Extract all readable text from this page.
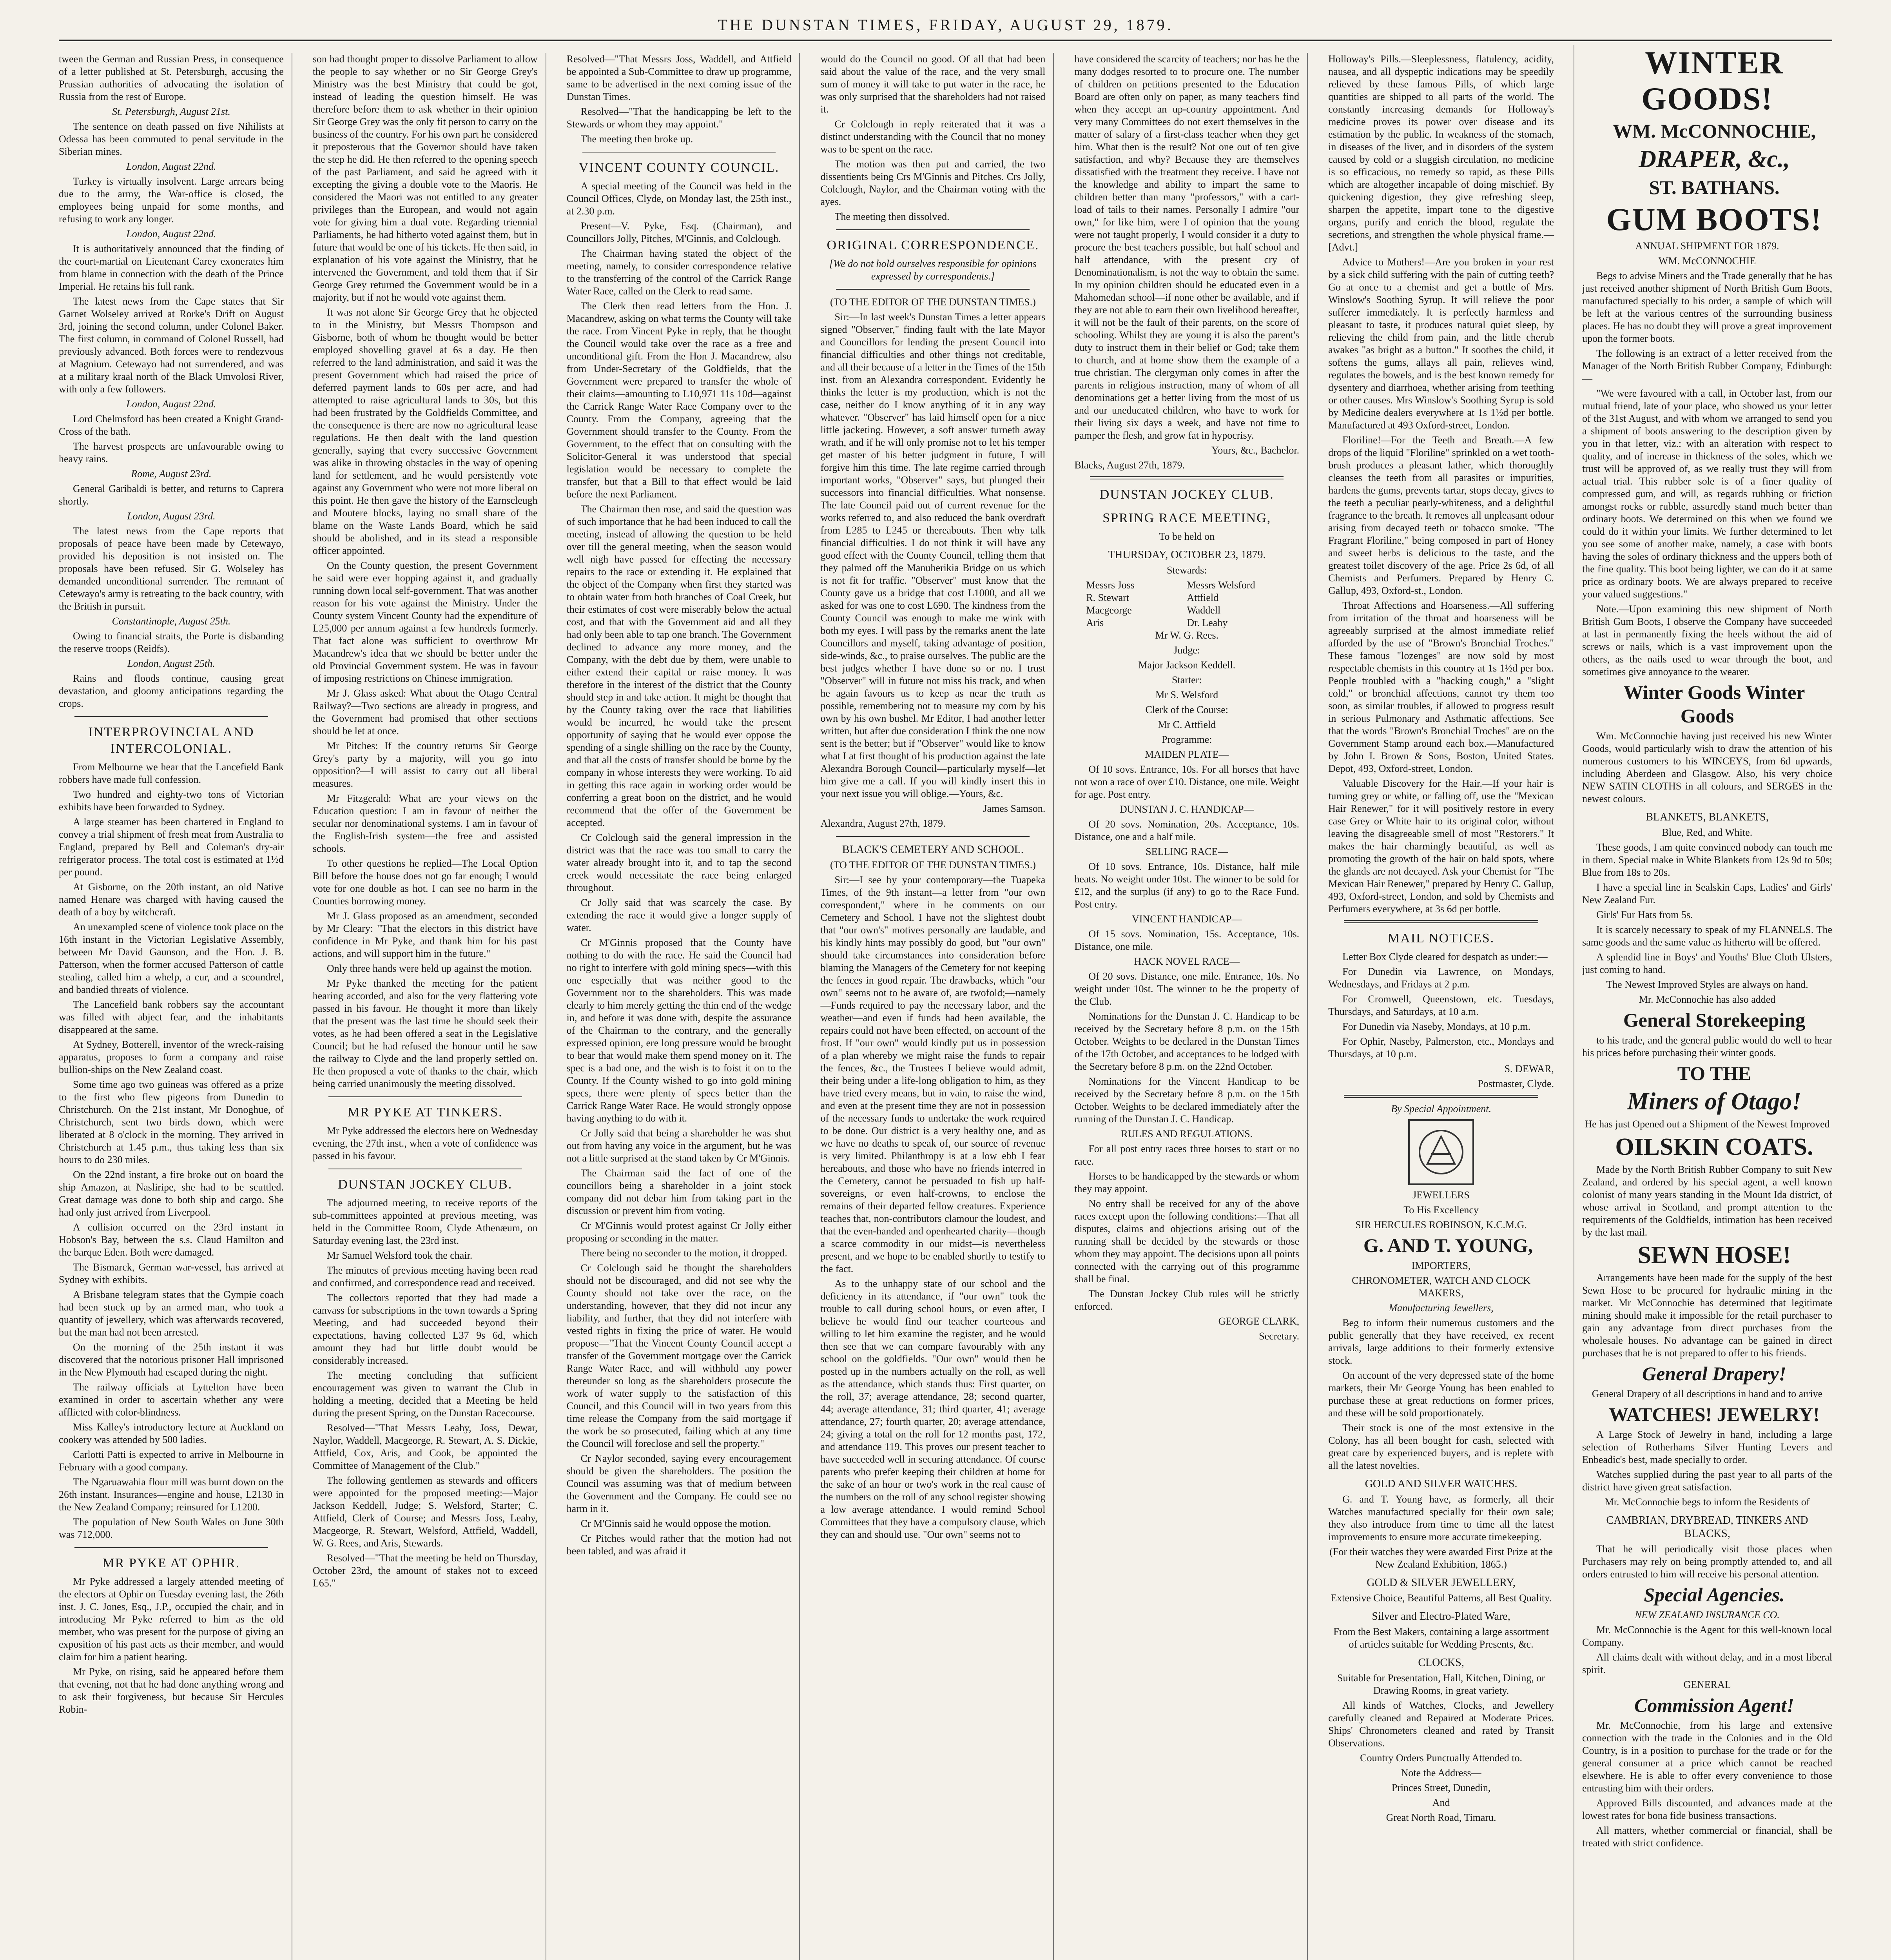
THE DUNSTAN TIMES, FRIDAY, AUGUST 29, 1879.

tween the German and Russian Press, in consequence of a letter published at St. Petersburgh, accusing the Prussian authorities of advocating the isolation of Russia from the rest of Europe.

St. Petersburgh, August 21st.

The sentence on death passed on five Nihilists at Odessa has been commuted to penal servitude in the Siberian mines.

London, August 22nd.

Turkey is virtually insolvent. Large arrears being due to the army, the War-office is closed, the employees being unpaid for some months, and refusing to work any longer.

London, August 22nd.

It is authoritatively announced that the finding of the court-martial on Lieutenant Carey exonerates him from blame in connection with the death of the Prince Imperial. He retains his full rank.

The latest news from the Cape states that Sir Garnet Wolseley arrived at Rorke's Drift on August 3rd, joining the second column, under Colonel Baker. The first column, in command of Colonel Russell, had previously advanced. Both forces were to rendezvous at Magnium. Cetewayo had not surrendered, and was at a military kraal north of the Black Umvolosi River, with only a few followers.

London, August 22nd.

Lord Chelmsford has been created a Knight Grand-Cross of the bath.

The harvest prospects are unfavourable owing to heavy rains.

Rome, August 23rd.

General Garibaldi is better, and returns to Caprera shortly.

London, August 23rd.

The latest news from the Cape reports that proposals of peace have been made by Cetewayo, provided his deposition is not insisted on. The proposals have been refused. Sir G. Wolseley has demanded unconditional surrender. The remnant of Cetewayo's army is retreating to the back country, with the British in pursuit.

Constantinople, August 25th.

Owing to financial straits, the Porte is disbanding the reserve troops (Reidfs).

London, August 25th.

Rains and floods continue, causing great devastation, and gloomy anticipations regarding the crops.

INTERPROVINCIAL AND INTERCOLONIAL.

From Melbourne we hear that the Lancefield Bank robbers have made full confession.

Two hundred and eighty-two tons of Victorian exhibits have been forwarded to Sydney.

A large steamer has been chartered in England to convey a trial shipment of fresh meat from Australia to England, prepared by Bell and Coleman's dry-air refrigerator process. The total cost is estimated at 1½d per pound.

At Gisborne, on the 20th instant, an old Native named Henare was charged with having caused the death of a boy by witchcraft.

An unexampled scene of violence took place on the 16th instant in the Victorian Legislative Assembly, between Mr David Gaunson, and the Hon. J. B. Patterson, when the former accused Patterson of cattle stealing, called him a whelp, a cur, and a scoundrel, and bandied threats of violence.

The Lancefield bank robbers say the accountant was filled with abject fear, and the inhabitants disappeared at the same.

At Sydney, Botterell, inventor of the wreck-raising apparatus, proposes to form a company and raise bullion-ships on the New Zealand coast.

Some time ago two guineas was offered as a prize to the first who flew pigeons from Dunedin to Christchurch. On the 21st instant, Mr Donoghue, of Christchurch, sent two birds down, which were liberated at 8 o'clock in the morning. They arrived in Christchurch at 1.45 p.m., thus taking less than six hours to do 230 miles.

On the 22nd instant, a fire broke out on board the ship Amazon, at Nasliripe, she had to be scuttled. Great damage was done to both ship and cargo. She had only just arrived from Liverpool.

A collision occurred on the 23rd instant in Hobson's Bay, between the s.s. Claud Hamilton and the barque Eden. Both were damaged.

The Bismarck, German war-vessel, has arrived at Sydney with exhibits.

A Brisbane telegram states that the Gympie coach had been stuck up by an armed man, who took a quantity of jewellery, which was afterwards recovered, but the man had not been arrested.

On the morning of the 25th instant it was discovered that the notorious prisoner Hall imprisoned in the New Plymouth had escaped during the night.

The railway officials at Lyttelton have been examined in order to ascertain whether any were afflicted with color-blindness.

Miss Kalley's introductory lecture at Auckland on cookery was attended by 500 ladies.

Carlotti Patti is expected to arrive in Melbourne in February with a good company.

The Ngaruawahia flour mill was burnt down on the 26th instant. Insurances—engine and house, L2130 in the New Zealand Company; reinsured for L1200.

The population of New South Wales on June 30th was 712,000.

MR PYKE AT OPHIR.

Mr Pyke addressed a largely attended meeting of the electors at Ophir on Tuesday evening last, the 26th inst. J. C. Jones, Esq., J.P., occupied the chair, and in introducing Mr Pyke referred to him as the old member, who was present for the purpose of giving an exposition of his past acts as their member, and would claim for him a patient hearing.

Mr Pyke, on rising, said he appeared before them that evening, not that he had done anything wrong and to ask their forgiveness, but because Sir Hercules Robin-

son had thought proper to dissolve Parliament to allow the people to say whether or no Sir George Grey's Ministry was the best Ministry that could be got, instead of leading the question himself. He was therefore before them to ask whether in their opinion Sir George Grey was the only fit person to carry on the business of the country. For his own part he considered it preposterous that the Governor should have taken the step he did. He then referred to the opening speech of the past Parliament, and said he agreed with it excepting the giving a double vote to the Maoris. He considered the Maori was not entitled to any greater privileges than the European, and would not again vote for giving him a dual vote. Regarding triennial Parliaments, he had hitherto voted against them, but in future that would be one of his tickets. He then said, in explanation of his vote against the Ministry, that he intervened the Government, and told them that if Sir George Grey returned the Government would be in a majority, but if not he would vote against them.

It was not alone Sir George Grey that he objected to in the Ministry, but Messrs Thompson and Gisborne, both of whom he thought would be better employed shovelling gravel at 6s a day. He then referred to the land administration, and said it was the present Government which had raised the price of deferred payment lands to 60s per acre, and had attempted to raise agricultural lands to 30s, but this had been frustrated by the Goldfields Committee, and the consequence is there are now no agricultural lease regulations. He then dealt with the land question generally, saying that every successive Government was alike in throwing obstacles in the way of opening land for settlement, and he would persistently vote against any Government who were not more liberal on this point. He then gave the history of the Earnscleugh and Moutere blocks, laying no small share of the blame on the Waste Lands Board, which he said should be abolished, and in its stead a responsible officer appointed.

On the County question, the present Government he said were ever hopping against it, and gradually running down local self-government. That was another reason for his vote against the Ministry. Under the County system Vincent County had the expenditure of L25,000 per annum against a few hundreds formerly. That fact alone was sufficient to overthrow Mr Macandrew's idea that we should be better under the old Provincial Government system. He was in favour of imposing restrictions on Chinese immigration.

Mr J. Glass asked: What about the Otago Central Railway?—Two sections are already in progress, and the Government had promised that other sections should be let at once.

Mr Pitches: If the country returns Sir George Grey's party by a majority, will you go into opposition?—I will assist to carry out all liberal measures.

Mr Fitzgerald: What are your views on the Education question: I am in favour of neither the secular nor denominational systems. I am in favour of the English-Irish system—the free and assisted schools.

To other questions he replied—The Local Option Bill before the house does not go far enough; I would vote for one double as hot. I can see no harm in the Counties borrowing money.

Mr J. Glass proposed as an amendment, seconded by Mr Cleary: "That the electors in this district have confidence in Mr Pyke, and thank him for his past actions, and will support him in the future."

Only three hands were held up against the motion.

Mr Pyke thanked the meeting for the patient hearing accorded, and also for the very flattering vote passed in his favour. He thought it more than likely that the present was the last time he should seek their votes, as he had been offered a seat in the Legislative Council; but he had refused the honour until he saw the railway to Clyde and the land properly settled on. He then proposed a vote of thanks to the chair, which being carried unanimously the meeting dissolved.

MR PYKE AT TINKERS.

Mr Pyke addressed the electors here on Wednesday evening, the 27th inst., when a vote of confidence was passed in his favour.

DUNSTAN JOCKEY CLUB.

The adjourned meeting, to receive reports of the sub-committees appointed at previous meeting, was held in the Committee Room, Clyde Athenæum, on Saturday evening last, the 23rd inst.

Mr Samuel Welsford took the chair.

The minutes of previous meeting having been read and confirmed, and correspondence read and received.

The collectors reported that they had made a canvass for subscriptions in the town towards a Spring Meeting, and had succeeded beyond their expectations, having collected L37 9s 6d, which amount they had but little doubt would be considerably increased.

The meeting concluding that sufficient encouragement was given to warrant the Club in holding a meeting, decided that a Meeting be held during the present Spring, on the Dunstan Racecourse.

Resolved—"That Messrs Leahy, Joss, Dewar, Naylor, Waddell, Macgeorge, R. Stewart, A. S. Dickie, Attfield, Cox, Aris, and Cook, be appointed the Committee of Management of the Club."

The following gentlemen as stewards and officers were appointed for the proposed meeting:—Major Jackson Keddell, Judge; S. Welsford, Starter; C. Attfield, Clerk of Course; and Messrs Joss, Leahy, Macgeorge, R. Stewart, Welsford, Attfield, Waddell, W. G. Rees, and Aris, Stewards.

Resolved—"That the meeting be held on Thursday, October 23rd, the amount of stakes not to exceed L65."

Resolved—"That Messrs Joss, Waddell, and Attfield be appointed a Sub-Committee to draw up programme, same to be advertised in the next coming issue of the Dunstan Times.

Resolved—"That the handicapping be left to the Stewards or whom they may appoint."

The meeting then broke up.

VINCENT COUNTY COUNCIL.

A special meeting of the Council was held in the Council Offices, Clyde, on Monday last, the 25th inst., at 2.30 p.m.

Present—V. Pyke, Esq. (Chairman), and Councillors Jolly, Pitches, M'Ginnis, and Colclough.

The Chairman having stated the object of the meeting, namely, to consider correspondence relative to the transferring of the control of the Carrick Range Water Race, called on the Clerk to read same.

The Clerk then read letters from the Hon. J. Macandrew, asking on what terms the County will take the race. From Vincent Pyke in reply, that he thought the Council would take over the race as a free and unconditional gift. From the Hon J. Macandrew, also from Under-Secretary of the Goldfields, that the Government were prepared to transfer the whole of their claims—amounting to L10,971 11s 10d—against the Carrick Range Water Race Company over to the County. From the Company, agreeing that the Government should transfer to the County. From the Government, to the effect that on consulting with the Solicitor-General it was understood that special legislation would be necessary to complete the transfer, but that a Bill to that effect would be laid before the next Parliament.

The Chairman then rose, and said the question was of such importance that he had been induced to call the meeting, instead of allowing the question to be held over till the general meeting, when the season would well nigh have passed for effecting the necessary repairs to the race or extending it. He explained that the object of the Company when first they started was to obtain water from both branches of Coal Creek, but their estimates of cost were miserably below the actual cost, and that with the Government aid and all they had only been able to tap one branch. The Government declined to advance any more money, and the Company, with the debt due by them, were unable to either extend their capital or raise money. It was therefore in the interest of the district that the County should step in and take action. It might be thought that by the County taking over the race that liabilities would be incurred, he would take the present opportunity of saying that he would ever oppose the spending of a single shilling on the race by the County, and that all the costs of transfer should be borne by the company in whose interests they were working. To aid in getting this race again in working order would be conferring a great boon on the district, and he would recommend that the offer of the Government be accepted.

Cr Colclough said the general impression in the district was that the race was too small to carry the water already brought into it, and to tap the second creek would necessitate the race being enlarged throughout.

Cr Jolly said that was scarcely the case. By extending the race it would give a longer supply of water.

Cr M'Ginnis proposed that the County have nothing to do with the race. He said the Council had no right to interfere with gold mining specs—with this one especially that was neither good to the Government nor to the shareholders. This was made clearly to him merely getting the thin end of the wedge in, and before it was done with, despite the assurance of the Chairman to the contrary, and the generally expressed opinion, ere long pressure would be brought to bear that would make them spend money on it. The spec is a bad one, and the wish is to foist it on to the County. If the County wished to go into gold mining specs, there were plenty of specs better than the Carrick Range Water Race. He would strongly oppose having anything to do with it.

Cr Jolly said that being a shareholder he was shut out from having any voice in the argument, but he was not a little surprised at the stand taken by Cr M'Ginnis.

The Chairman said the fact of one of the councillors being a shareholder in a joint stock company did not debar him from taking part in the discussion or prevent him from voting.

Cr M'Ginnis would protest against Cr Jolly either proposing or seconding in the matter.

There being no seconder to the motion, it dropped.

Cr Colclough said he thought the shareholders should not be discouraged, and did not see why the County should not take over the race, on the understanding, however, that they did not incur any liability, and further, that they did not interfere with vested rights in fixing the price of water. He would propose—"That the Vincent County Council accept a transfer of the Government mortgage over the Carrick Range Water Race, and will withhold any power thereunder so long as the shareholders prosecute the work of water supply to the satisfaction of this Council, and this Council will in two years from this time release the Company from the said mortgage if the work be so prosecuted, failing which at any time the Council will foreclose and sell the property."

Cr Naylor seconded, saying every encouragement should be given the shareholders. The position the Council was assuming was that of medium between the Government and the Company. He could see no harm in it.

Cr M'Ginnis said he would oppose the motion.

Cr Pitches would rather that the motion had not been tabled, and was afraid it

would do the Council no good. Of all that had been said about the value of the race, and the very small sum of money it will take to put water in the race, he was only surprised that the shareholders had not raised it.

Cr Colclough in reply reiterated that it was a distinct understanding with the Council that no money was to be spent on the race.

The motion was then put and carried, the two dissentients being Crs M'Ginnis and Pitches. Crs Jolly, Colclough, Naylor, and the Chairman voting with the ayes.

The meeting then dissolved.

ORIGINAL CORRESPONDENCE.

[We do not hold ourselves responsible for opinions expressed by correspondents.]

(TO THE EDITOR OF THE DUNSTAN TIMES.)

Sir:—In last week's Dunstan Times a letter appears signed "Observer," finding fault with the late Mayor and Councillors for lending the present Council into financial difficulties and other things not creditable, and all their because of a letter in the Times of the 15th inst. from an Alexandra correspondent. Evidently he thinks the letter is my production, which is not the case, neither do I know anything of it in any way whatever. "Observer" has laid himself open for a nice little jacketing. However, a soft answer turneth away wrath, and if he will only promise not to let his temper get master of his better judgment in future, I will forgive him this time. The late regime carried through important works, "Observer" says, but plunged their successors into financial difficulties. What nonsense. The late Council paid out of current revenue for the works referred to, and also reduced the bank overdraft from L285 to L245 or thereabouts. Then why talk financial difficulties. I do not think it will have any good effect with the County Council, telling them that they palmed off the Manuherikia Bridge on us which is not fit for traffic. "Observer" must know that the County gave us a bridge that cost L1000, and all we asked for was one to cost L690. The kindness from the County Council was enough to make me wink with both my eyes. I will pass by the remarks anent the late Councillors and myself, taking advantage of position, side-winds, &c., to praise ourselves. The public are the best judges whether I have done so or no. I trust "Observer" will in future not miss his track, and when he again favours us to keep as near the truth as possible, remembering not to measure my corn by his own by his own bushel. Mr Editor, I had another letter written, but after due consideration I think the one now sent is the better; but if "Observer" would like to know what I at first thought of his production against the late Alexandra Borough Council—particularly myself—let him give me a call. If you will kindly insert this in your next issue you will oblige.—Yours, &c.

James Samson.

Alexandra, August 27th, 1879.

BLACK'S CEMETERY AND SCHOOL.

(TO THE EDITOR OF THE DUNSTAN TIMES.)

Sir:—I see by your contemporary—the Tuapeka Times, of the 9th instant—a letter from "our own correspondent," where in he comments on our Cemetery and School. I have not the slightest doubt that "our own's" motives personally are laudable, and his kindly hints may possibly do good, but "our own" should take circumstances into consideration before blaming the Managers of the Cemetery for not keeping the fences in good repair. The drawbacks, which "our own" seems not to be aware of, are twofold;—namely—Funds required to pay the necessary labor, and the weather—and even if funds had been available, the repairs could not have been effected, on account of the frost. If "our own" would kindly put us in possession of a plan whereby we might raise the funds to repair the fences, &c., the Trustees I believe would admit, their being under a life-long obligation to him, as they have tried every means, but in vain, to raise the wind, and even at the present time they are not in possession of the necessary funds to undertake the work required to be done. Our district is a very healthy one, and as we have no deaths to speak of, our source of revenue is very limited. Philanthropy is at a low ebb I fear hereabouts, and those who have no friends interred in the Cemetery, cannot be persuaded to fish up half-sovereigns, or even half-crowns, to enclose the remains of their departed fellow creatures. Experience teaches that, non-contributors clamour the loudest, and that the even-handed and openhearted charity—though a scarce commodity in our midst—is nevertheless present, and we hope to be enabled shortly to testify to the fact.

As to the unhappy state of our school and the deficiency in its attendance, if "our own" took the trouble to call during school hours, or even after, I believe he would find our teacher courteous and willing to let him examine the register, and he would then see that we can compare favourably with any school on the goldfields. "Our own" would then be posted up in the numbers actually on the roll, as well as the attendance, which stands thus: First quarter, on the roll, 37; average attendance, 28; second quarter, 44; average attendance, 31; third quarter, 41; average attendance, 27; fourth quarter, 20; average attendance, 24; giving a total on the roll for 12 months past, 172, and attendance 119. This proves our present teacher to have succeeded well in securing attendance. Of course parents who prefer keeping their children at home for the sake of an hour or two's work in the real cause of the numbers on the roll of any school register showing a low average attendance. I would remind School Committees that they have a compulsory clause, which they can and should use. "Our own" seems not to

have considered the scarcity of teachers; nor has he the many dodges resorted to to procure one. The number of children on petitions presented to the Education Board are often only on paper, as many teachers find when they accept an up-country appointment. And very many Committees do not exert themselves in the matter of salary of a first-class teacher when they get him. What then is the result? Not one out of ten give satisfaction, and why? Because they are themselves dissatisfied with the treatment they receive. I have not the knowledge and ability to impart the same to children better than many "professors," with a cart-load of tails to their names. Personally I admire "our own," for like him, were I of opinion that the young were not taught properly, I would consider it a duty to procure the best teachers possible, but half school and half attendance, with the present cry of Denominationalism, is not the way to obtain the same. In my opinion children should be educated even in a Mahomedan school—if none other be available, and if they are not able to earn their own livelihood hereafter, it will not be the fault of their parents, on the score of schooling. Whilst they are young it is also the parent's duty to instruct them in their belief or God; take them to church, and at home show them the example of a true christian. The clergyman only comes in after the parents in religious instruction, many of whom of all denominations get a better living from the most of us and our uneducated children, who have to work for their living six days a week, and have not time to pamper the flesh, and grow fat in hypocrisy.

Yours, &c., Bachelor.

Blacks, August 27th, 1879.

DUNSTAN JOCKEY CLUB.
SPRING RACE MEETING,

To be held on

THURSDAY, OCTOBER 23, 1879.

Stewards:

Messrs Joss	Messrs Welsford
R. Stewart	Attfield
Macgeorge	Waddell
Aris	Dr. Leahy

Mr W. G. Rees.

Judge:

Major Jackson Keddell.

Starter:

Mr S. Welsford

Clerk of the Course:

Mr C. Attfield

Programme:

MAIDEN PLATE—

Of 10 sovs. Entrance, 10s. For all horses that have not won a race of over £10. Distance, one mile. Weight for age. Post entry.

DUNSTAN J. C. HANDICAP—

Of 20 sovs. Nomination, 20s. Acceptance, 10s. Distance, one and a half mile.

SELLING RACE—

Of 10 sovs. Entrance, 10s. Distance, half mile heats. No weight under 10st. The winner to be sold for £12, and the surplus (if any) to go to the Race Fund. Post entry.

VINCENT HANDICAP—

Of 15 sovs. Nomination, 15s. Acceptance, 10s. Distance, one mile.

HACK NOVEL RACE—

Of 20 sovs. Distance, one mile. Entrance, 10s. No weight under 10st. The winner to be the property of the Club.

Nominations for the Dunstan J. C. Handicap to be received by the Secretary before 8 p.m. on the 15th October. Weights to be declared in the Dunstan Times of the 17th October, and acceptances to be lodged with the Secretary before 8 p.m. on the 22nd October.

Nominations for the Vincent Handicap to be received by the Secretary before 8 p.m. on the 15th October. Weights to be declared immediately after the running of the Dunstan J. C. Handicap.

RULES AND REGULATIONS.

For all post entry races three horses to start or no race.

Horses to be handicapped by the stewards or whom they may appoint.

No entry shall be received for any of the above races except upon the following conditions:—That all disputes, claims and objections arising out of the running shall be decided by the stewards or those whom they may appoint. The decisions upon all points connected with the carrying out of this programme shall be final.

The Dunstan Jockey Club rules will be strictly enforced.

GEORGE CLARK,

Secretary.

Holloway's Pills.—Sleeplessness, flatulency, acidity, nausea, and all dyspeptic indications may be speedily relieved by these famous Pills, of which large quantities are shipped to all parts of the world. The constantly increasing demands for Holloway's medicine proves its power over disease and its estimation by the public. In weakness of the stomach, in diseases of the liver, and in disorders of the system caused by cold or a sluggish circulation, no medicine is so efficacious, no remedy so rapid, as these Pills which are altogether incapable of doing mischief. By quickening digestion, they give refreshing sleep, sharpen the appetite, impart tone to the digestive organs, purify and enrich the blood, regulate the secretions, and strengthen the whole physical frame.—[Advt.]

Advice to Mothers!—Are you broken in your rest by a sick child suffering with the pain of cutting teeth? Go at once to a chemist and get a bottle of Mrs. Winslow's Soothing Syrup. It will relieve the poor sufferer immediately. It is perfectly harmless and pleasant to taste, it produces natural quiet sleep, by relieving the child from pain, and the little cherub awakes "as bright as a button." It soothes the child, it softens the gums, allays all pain, relieves wind, regulates the bowels, and is the best known remedy for dysentery and diarrhoea, whether arising from teething or other causes. Mrs Winslow's Soothing Syrup is sold by Medicine dealers everywhere at 1s 1½d per bottle. Manufactured at 493 Oxford-street, London.

Floriline!—For the Teeth and Breath.—A few drops of the liquid "Floriline" sprinkled on a wet tooth-brush produces a pleasant lather, which thoroughly cleanses the teeth from all parasites or impurities, hardens the gums, prevents tartar, stops decay, gives to the teeth a peculiar pearly-whiteness, and a delightful fragrance to the breath. It removes all unpleasant odour arising from decayed teeth or tobacco smoke. "The Fragrant Floriline," being composed in part of Honey and sweet herbs is delicious to the taste, and the greatest toilet discovery of the age. Price 2s 6d, of all Chemists and Perfumers. Prepared by Henry C. Gallup, 493, Oxford-st., London.

Throat Affections and Hoarseness.—All suffering from irritation of the throat and hoarseness will be agreeably surprised at the almost immediate relief afforded by the use of "Brown's Bronchial Troches." These famous "lozenges" are now sold by most respectable chemists in this country at 1s 1½d per box. People troubled with a "hacking cough," a "slight cold," or bronchial affections, cannot try them too soon, as similar troubles, if allowed to progress result in serious Pulmonary and Asthmatic affections. See that the words "Brown's Bronchial Troches" are on the Government Stamp around each box.—Manufactured by John I. Brown & Sons, Boston, United States. Depot, 493, Oxford-street, London.

Valuable Discovery for the Hair.—If your hair is turning grey or white, or falling off, use the "Mexican Hair Renewer," for it will positively restore in every case Grey or White hair to its original color, without leaving the disagreeable smell of most "Restorers." It makes the hair charmingly beautiful, as well as promoting the growth of the hair on bald spots, where the glands are not decayed. Ask your Chemist for "The Mexican Hair Renewer," prepared by Henry C. Gallup, 493, Oxford-street, London, and sold by Chemists and Perfumers everywhere, at 3s 6d per bottle.

MAIL NOTICES.

Letter Box Clyde cleared for despatch as under:—

For Dunedin via Lawrence, on Mondays, Wednesdays, and Fridays at 2 p.m.

For Cromwell, Queenstown, etc. Tuesdays, Thursdays, and Saturdays, at 10 a.m.

For Dunedin via Naseby, Mondays, at 10 p.m.

For Ophir, Naseby, Palmerston, etc., Mondays and Thursdays, at 10 p.m.

S. DEWAR,

Postmaster, Clyde.

By Special Appointment.

JEWELLERS

To His Excellency

SIR HERCULES ROBINSON, K.C.M.G.

G. AND T. YOUNG,

IMPORTERS,

CHRONOMETER, WATCH AND CLOCK MAKERS,

Manufacturing Jewellers,

Beg to inform their numerous customers and the public generally that they have received, ex recent arrivals, large additions to their formerly extensive stock.

On account of the very depressed state of the home markets, their Mr George Young has been enabled to purchase these at great reductions on former prices, and these will be sold proportionately.

Their stock is one of the most extensive in the Colony, has all been bought for cash, selected with great care by experienced buyers, and is replete with all the latest novelties.

GOLD AND SILVER WATCHES.

G. and T. Young have, as formerly, all their Watches manufactured specially for their own sale; they also introduce from time to time all the latest improvements to ensure more accurate timekeeping.

(For their watches they were awarded First Prize at the New Zealand Exhibition, 1865.)

GOLD & SILVER JEWELLERY,

Extensive Choice, Beautiful Patterns, all Best Quality.

Silver and Electro-Plated Ware,

From the Best Makers, containing a large assortment of articles suitable for Wedding Presents, &c.

CLOCKS,

Suitable for Presentation, Hall, Kitchen, Dining, or Drawing Rooms, in great variety.

All kinds of Watches, Clocks, and Jewellery carefully cleaned and Repaired at Moderate Prices. Ships' Chronometers cleaned and rated by Transit Observations.

Country Orders Punctually Attended to.

Note the Address—

Princes Street, Dunedin,

And

Great North Road, Timaru.

WINTER GOODS!

WM. McCONNOCHIE,

DRAPER, &c.,

ST. BATHANS.

GUM BOOTS!

ANNUAL SHIPMENT FOR 1879.

WM. McCONNOCHIE

Begs to advise Miners and the Trade generally that he has just received another shipment of North British Gum Boots, manufactured specially to his order, a sample of which will be left at the various centres of the surrounding business places. He has no doubt they will prove a great improvement upon the former boots.

The following is an extract of a letter received from the Manager of the North British Rubber Company, Edinburgh:—

"We were favoured with a call, in October last, from our mutual friend, late of your place, who showed us your letter of the 31st August, and with whom we arranged to send you a shipment of boots answering to the description given by you in that letter, viz.: with an alteration with respect to quality, and of increase in thickness of the soles, which we trust will be approved of, as we really trust they will from actual trial. This rubber sole is of a finer quality of compressed gum, and will, as regards rubbing or friction amongst rocks or rubble, assuredly stand much better than ordinary boots. We determined on this when we found we could do it within your limits. We further determined to let you see some of another make, namely, a case with boots having the soles of ordinary thickness and the uppers both of the fine quality. This boot being lighter, we can do it at same price as ordinary boots. We are always prepared to receive your valued suggestions."

Note.—Upon examining this new shipment of North British Gum Boots, I observe the Company have succeeded at last in permanently fixing the heels without the aid of screws or nails, which is a vast improvement upon the others, as the nails used to wear through the boot, and sometimes give annoyance to the wearer.

Winter Goods Winter Goods

Wm. McConnochie having just received his new Winter Goods, would particularly wish to draw the attention of his numerous customers to his WINCEYS, from 6d upwards, including Aberdeen and Glasgow. Also, his very choice NEW SATIN CLOTHS in all colours, and SERGES in the newest colours.

BLANKETS, BLANKETS,

Blue, Red, and White.

These goods, I am quite convinced nobody can touch me in them. Special make in White Blankets from 12s 9d to 50s; Blue from 18s to 20s.

I have a special line in Sealskin Caps, Ladies' and Girls' New Zealand Fur.

Girls' Fur Hats from 5s.

It is scarcely necessary to speak of my FLANNELS. The same goods and the same value as hitherto will be offered.

A splendid line in Boys' and Youths' Blue Cloth Ulsters, just coming to hand.

The Newest Improved Styles are always on hand.

Mr. McConnochie has also added

General Storekeeping

to his trade, and the general public would do well to hear his prices before purchasing their winter goods.

TO THE

Miners of Otago!

He has just Opened out a Shipment of the Newest Improved

OILSKIN COATS.

Made by the North British Rubber Company to suit New Zealand, and ordered by his special agent, a well known colonist of many years standing in the Mount Ida district, of whose arrival in Scotland, and prompt attention to the requirements of the Goldfields, intimation has been received by the last mail.

SEWN HOSE!

Arrangements have been made for the supply of the best Sewn Hose to be procured for hydraulic mining in the market. Mr McConnochie has determined that legitimate mining should make it impossible for the retail purchaser to gain any advantage from direct purchases from the wholesale houses. No advantage can be gained in direct purchases that he is not prepared to offer to his friends.

General Drapery!

General Drapery of all descriptions in hand and to arrive

WATCHES! JEWELRY!

A Large Stock of Jewelry in hand, including a large selection of Rotherhams Silver Hunting Levers and Enbeadic's best, made specially to order.

Watches supplied during the past year to all parts of the district have given great satisfaction.

Mr. McConnochie begs to inform the Residents of

CAMBRIAN, DRYBREAD, TINKERS AND BLACKS,

That he will periodically visit those places when Purchasers may rely on being promptly attended to, and all orders entrusted to him will receive his personal attention.

Special Agencies.

NEW ZEALAND INSURANCE CO.

Mr. McConnochie is the Agent for this well-known local Company.

All claims dealt with without delay, and in a most liberal spirit.

GENERAL

Commission Agent!

Mr. McConnochie, from his large and extensive connection with the trade in the Colonies and in the Old Country, is in a position to purchase for the trade or for the general consumer at a price which cannot be reached elsewhere. He is able to offer every convenience to those entrusting him with their orders.

Approved Bills discounted, and advances made at the lowest rates for bona fide business transactions.

All matters, whether commercial or financial, shall be treated with strict confidence.
